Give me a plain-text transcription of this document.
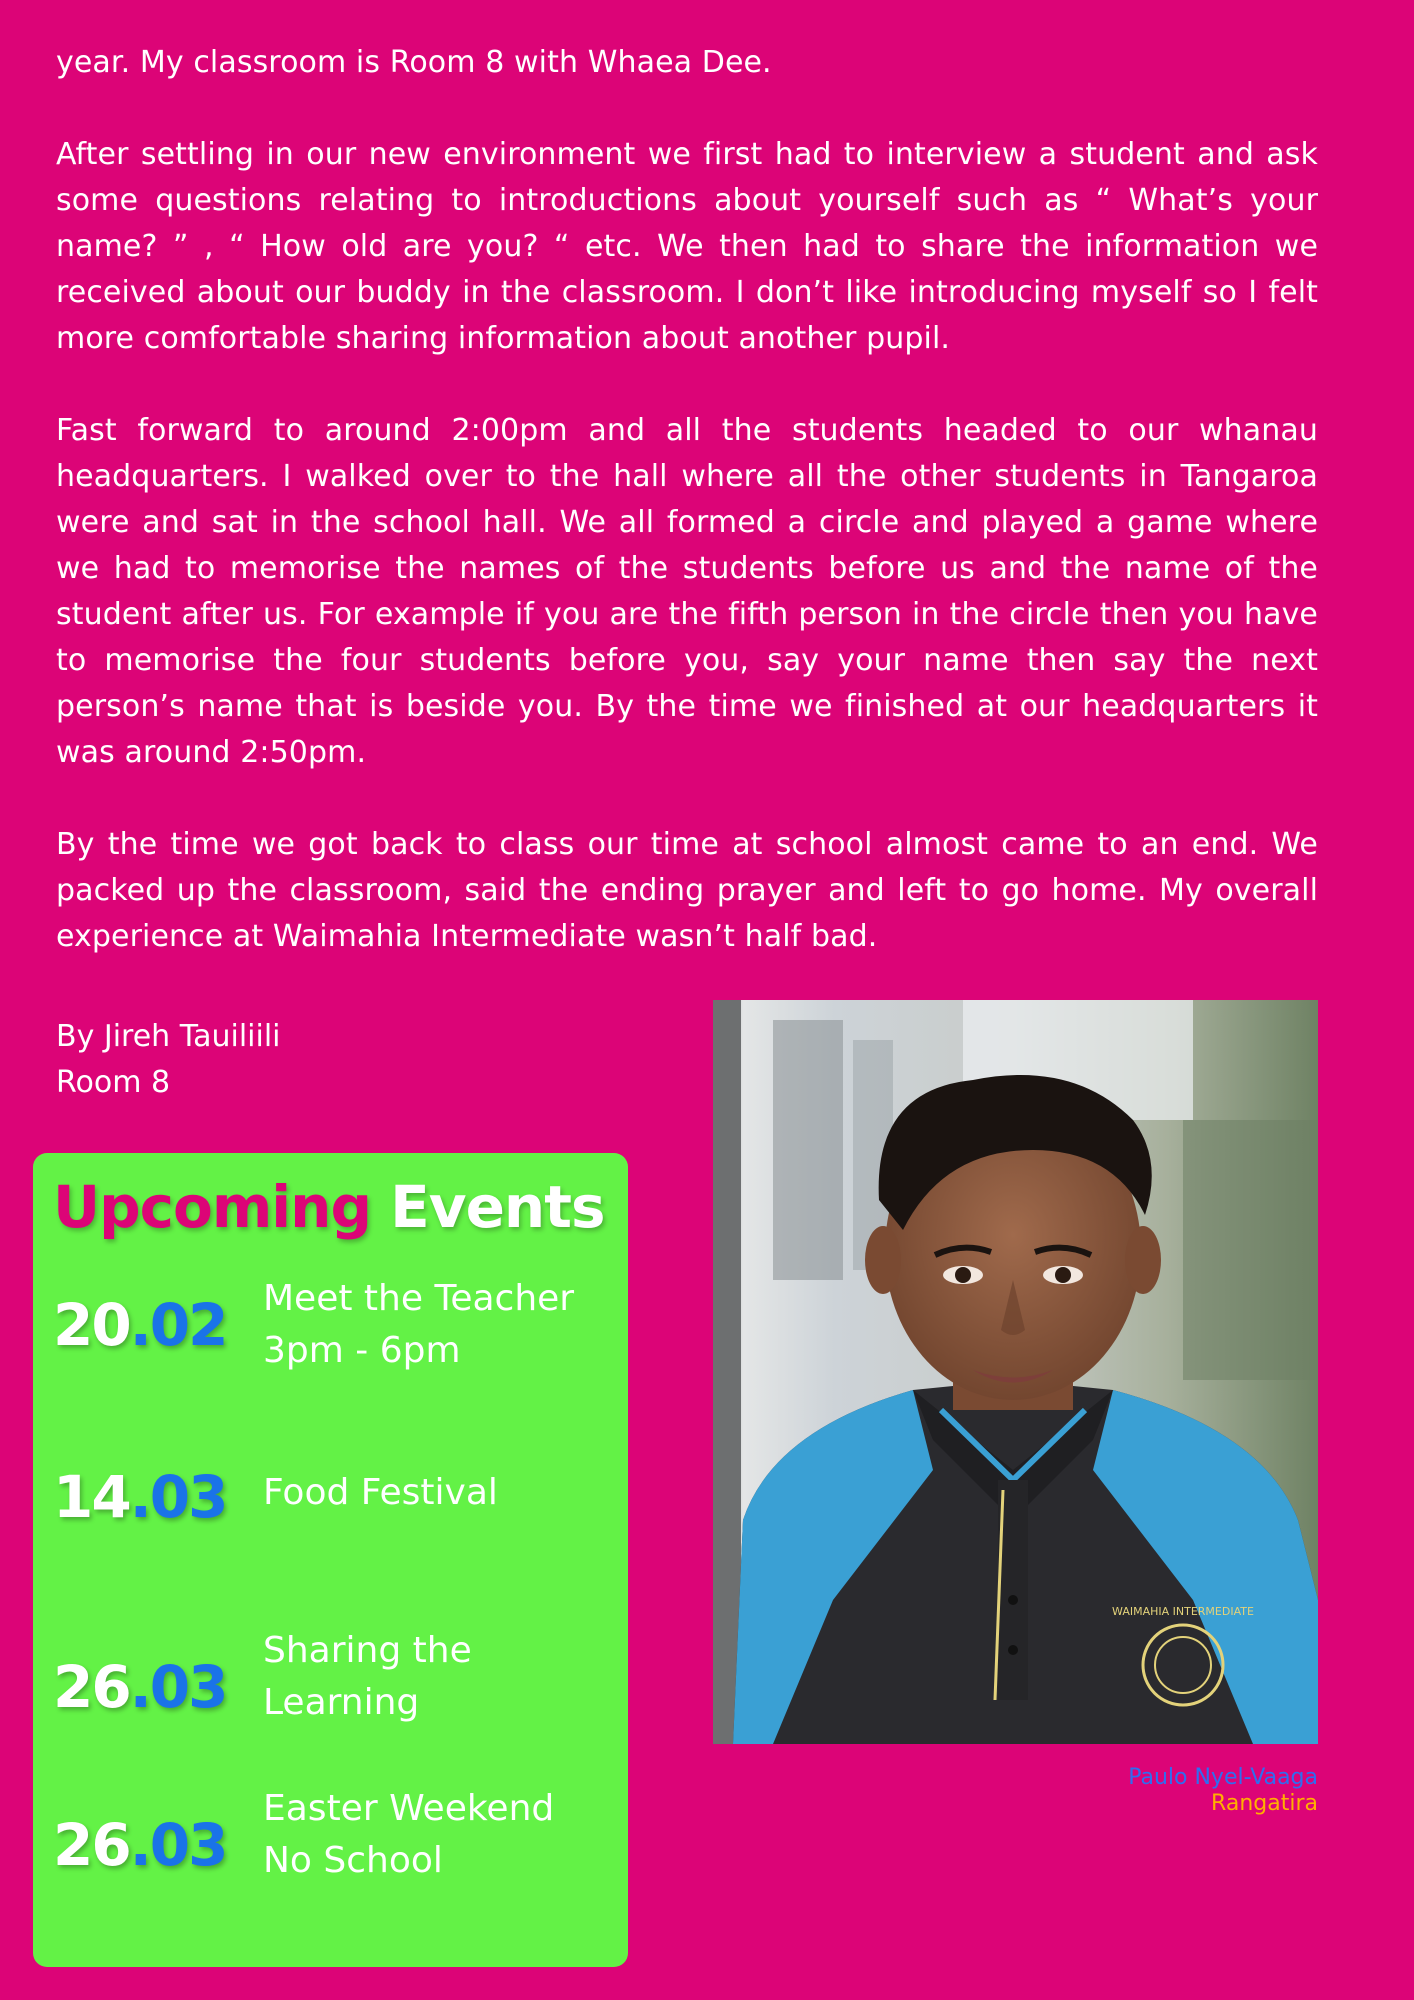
year. My classroom is Room 8 with Whaea Dee.

After settling in our new environment we first had to interview a student and ask some questions relating to introductions about yourself such as “ What’s your name? ” , “ How old are you? “ etc. We then had to share the information we received about our buddy in the classroom. I don’t like introducing myself so I felt more comfortable sharing information about another pupil.

Fast forward to around 2:00pm and all the students headed to our whanau headquarters. I walked over to the hall where all the other students in Tangaroa were and sat in the school hall. We all formed a circle and played a game where we had to memorise the names of the students before us and the name of the student after us. For example if you are the fifth person in the circle then you have to memorise the four students before you, say your name then say the next person’s name that is beside you. By the time we finished at our headquarters it was around 2:50pm.

By the time we got back to class our time at school almost came to an end. We packed up the classroom, said the ending prayer and left to go home. My overall experience at Waimahia Intermediate wasn’t half bad.

By Jireh Tauiliili
Room 8
Upcoming Events
20.02 Meet the Teacher
3pm - 6pm
14.03 Food Festival
26.03
Sharing the
Learning
26.03
Easter Weekend
No School
WAIMAHIA INTERMEDIATE
Paulo Nyel-Vaaga
Rangatira
